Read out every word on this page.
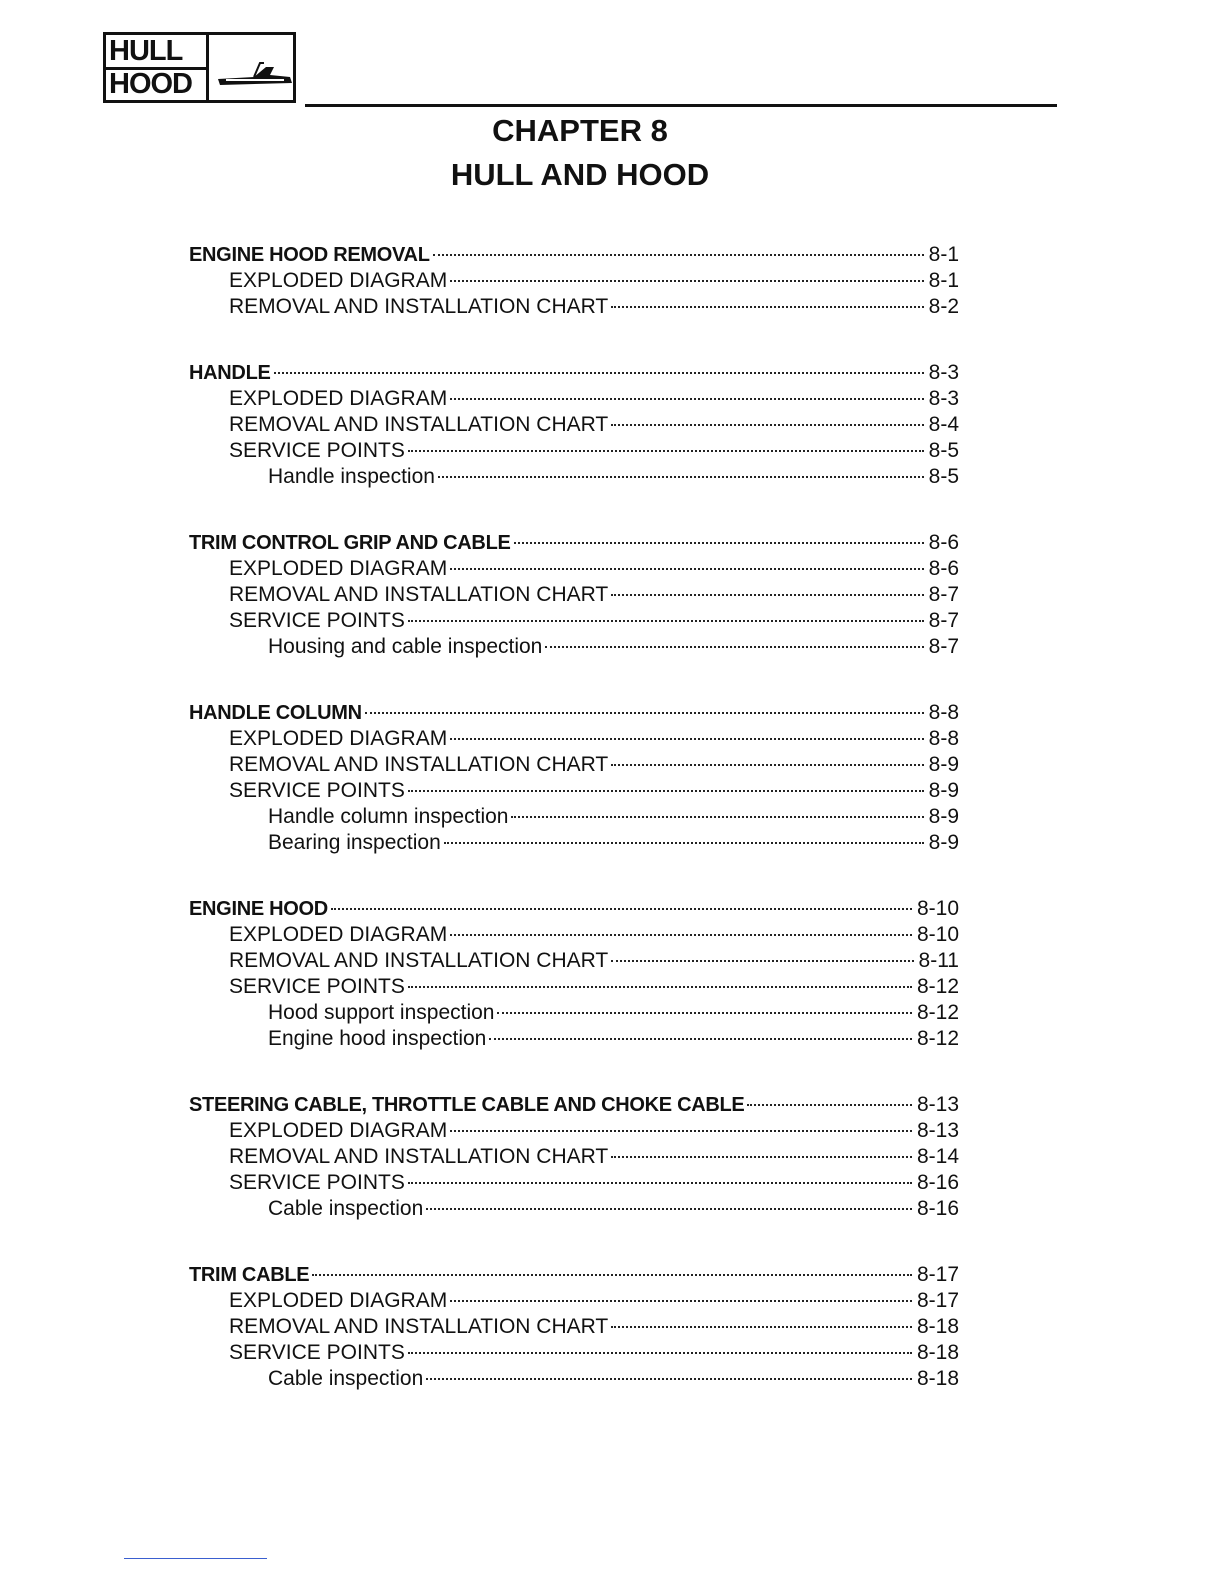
HULL
HOOD
CHAPTER 8
HULL AND HOOD
ENGINE HOOD REMOVAL	8-1
EXPLODED DIAGRAM	8-1
REMOVAL AND INSTALLATION CHART	8-2
HANDLE	8-3
EXPLODED DIAGRAM	8-3
REMOVAL AND INSTALLATION CHART	8-4
SERVICE POINTS	8-5
Handle inspection	8-5
TRIM CONTROL GRIP AND CABLE	8-6
EXPLODED DIAGRAM	8-6
REMOVAL AND INSTALLATION CHART	8-7
SERVICE POINTS	8-7
Housing and cable inspection	8-7
HANDLE COLUMN	8-8
EXPLODED DIAGRAM	8-8
REMOVAL AND INSTALLATION CHART	8-9
SERVICE POINTS	8-9
Handle column inspection	8-9
Bearing inspection	8-9
ENGINE HOOD	8-10
EXPLODED DIAGRAM	8-10
REMOVAL AND INSTALLATION CHART	8-11
SERVICE POINTS	8-12
Hood support inspection	8-12
Engine hood inspection	8-12
STEERING CABLE, THROTTLE CABLE AND CHOKE CABLE	8-13
EXPLODED DIAGRAM	8-13
REMOVAL AND INSTALLATION CHART	8-14
SERVICE POINTS	8-16
Cable inspection	8-16
TRIM CABLE	8-17
EXPLODED DIAGRAM	8-17
REMOVAL AND INSTALLATION CHART	8-18
SERVICE POINTS	8-18
Cable inspection	8-18
